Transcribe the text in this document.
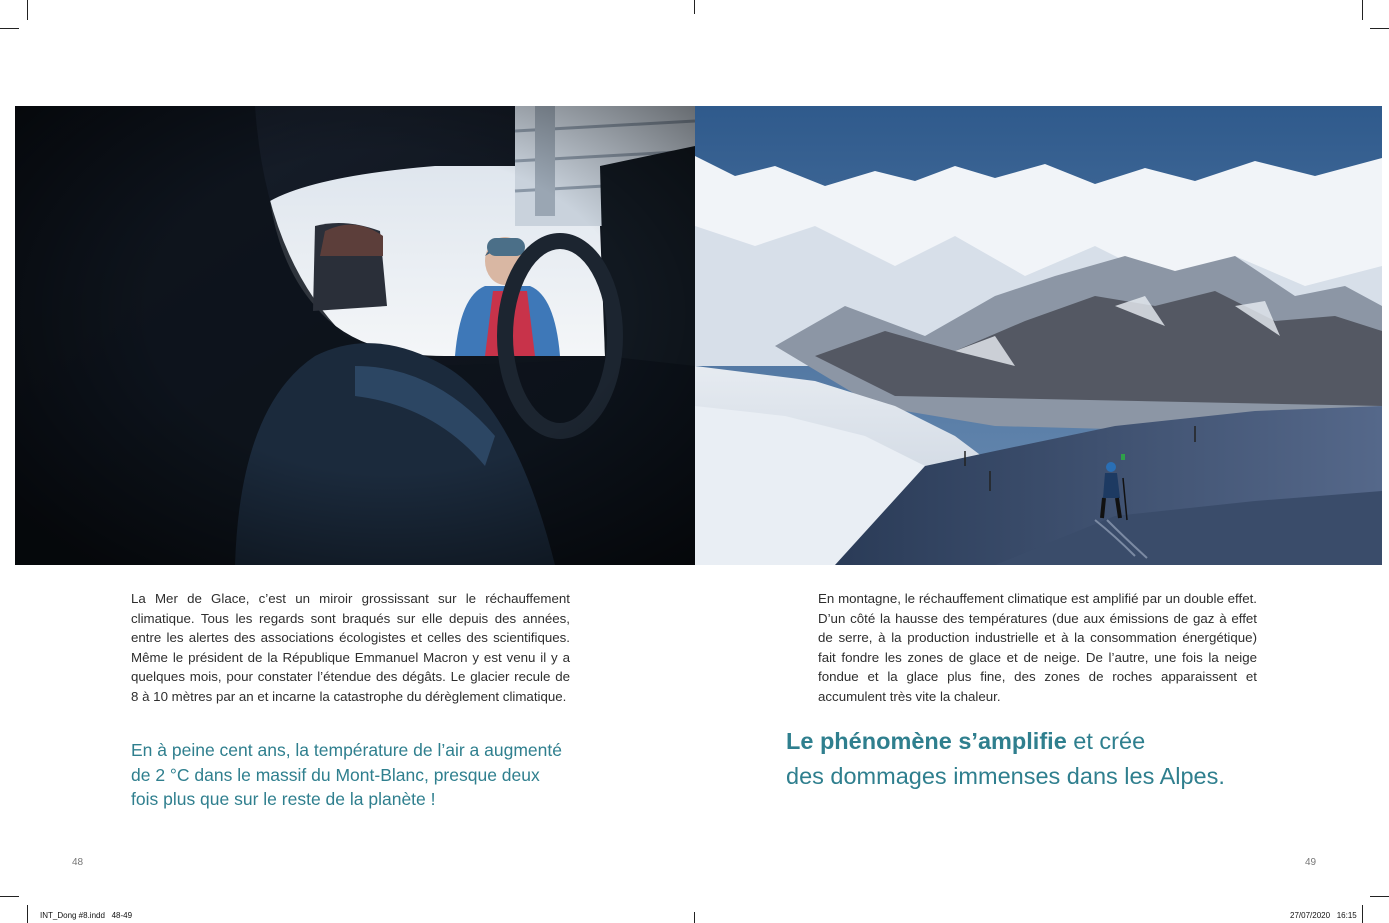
La Mer de Glace, c’est un miroir grossissant sur le réchauffement climatique. Tous les regards sont braqués sur elle depuis des années, entre les alertes des associations écologistes et celles des scientifiques. Même le président de la République Emmanuel Macron y est venu il y a quelques mois, pour constater l’étendue des dégâts. Le glacier recule de 8 à 10 mètres par an et incarne la catastrophe du dérèglement climatique.

En à peine cent ans, la température de l’air a augmenté de 2 °C dans le massif du Mont-Blanc, presque deux fois plus que sur le reste de la planète !

48

En montagne, le réchauffement climatique est amplifié par un double effet. D’un côté la hausse des températures (due aux émissions de gaz à effet de serre, à la production industrielle et à la consommation énergétique) fait fondre les zones de glace et de neige. De l’autre, une fois la neige fondue et la glace plus fine, des zones de roches apparaissent et accumulent très vite la chaleur.

Le phénomène s’amplifie et crée
des dommages immenses dans les Alpes.

49
INT_Dong #8.indd   48-49	27/07/2020   16:15
